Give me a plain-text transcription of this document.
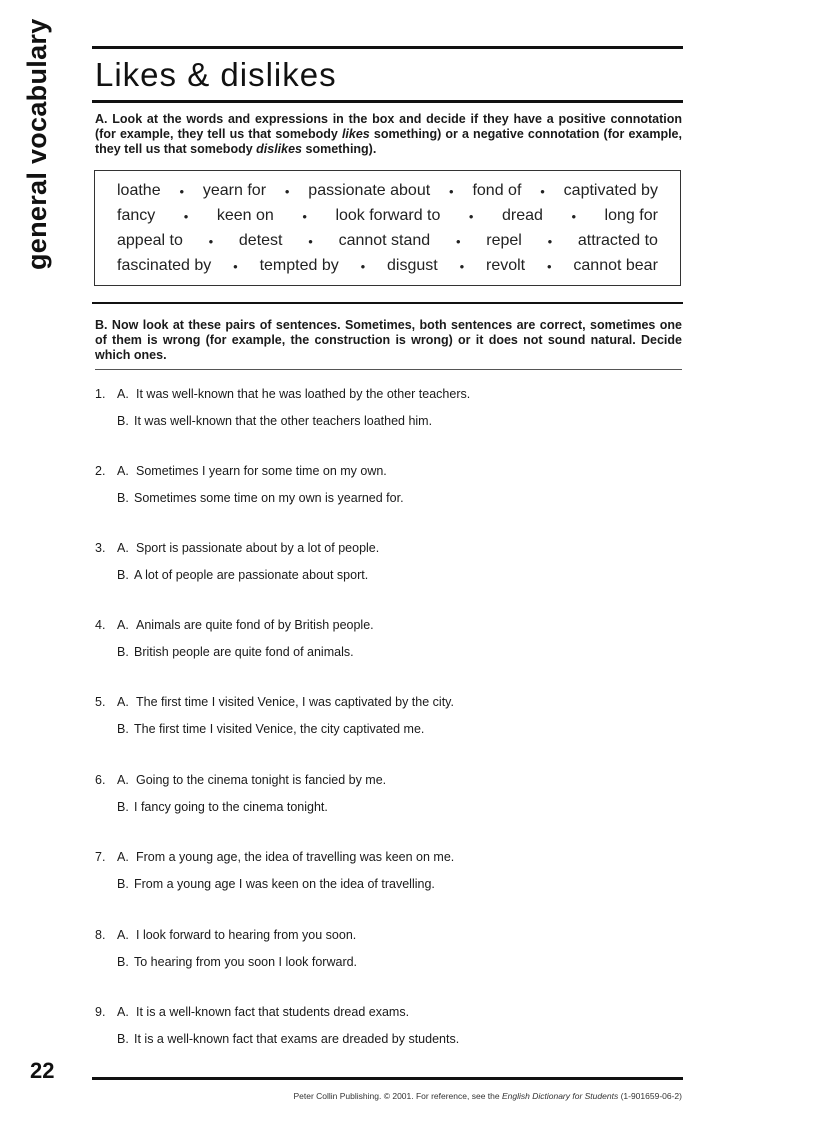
general vocabulary Likes & dislikes
A. Look at the words and expressions in the box and decide if they have a positive connotation (for example, they tell us that somebody likes something) or a negative connotation (for example, they tell us that somebody dislikes something).
loathe • yearn for • passionate about • fond of • captivated by
fancy • keen on • look forward to • dread • long for
appeal to • detest • cannot stand • repel • attracted to
fascinated by • tempted by • disgust • revolt • cannot bear
B. Now look at these pairs of sentences. Sometimes, both sentences are correct, sometimes one of them is wrong (for example, the construction is wrong) or it does not sound natural. Decide which ones.
1. A. It was well-known that he was loathed by the other teachers.
B. It was well-known that the other teachers loathed him.
2. A. Sometimes I yearn for some time on my own.
B. Sometimes some time on my own is yearned for.
3. A. Sport is passionate about by a lot of people.
B. A lot of people are passionate about sport.
4. A. Animals are quite fond of by British people.
B. British people are quite fond of animals.
5. A. The first time I visited Venice, I was captivated by the city.
B. The first time I visited Venice, the city captivated me.
6. A. Going to the cinema tonight is fancied by me.
B. I fancy going to the cinema tonight.
7. A. From a young age, the idea of travelling was keen on me.
B. From a young age I was keen on the idea of travelling.
8. A. I look forward to hearing from you soon.
B. To hearing from you soon I look forward.
9. A. It is a well-known fact that students dread exams.
B. It is a well-known fact that exams are dreaded by students.
22
Peter Collin Publishing. © 2001. For reference, see the English Dictionary for Students (1-901659-06-2)
